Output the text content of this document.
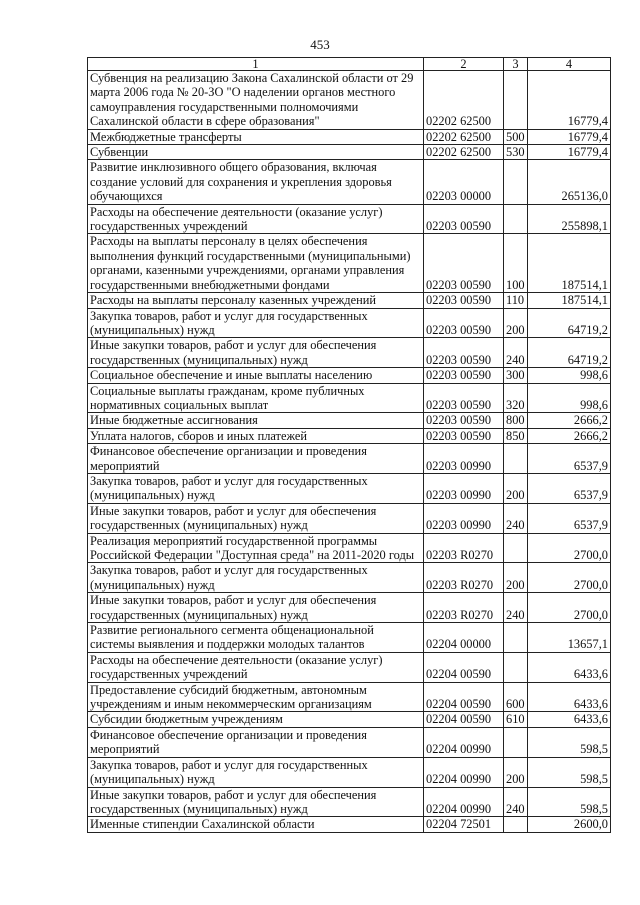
453
1	2	3	4
Субвенция на реализацию Закона Сахалинской области от 29 марта 2006 года № 20-ЗО "О наделении органов местного самоуправления государственными полномочиями Сахалинской области в сфере образования"	02202 62500		16779,4
Межбюджетные трансферты	02202 62500	500	16779,4
Субвенции	02202 62500	530	16779,4
Развитие инклюзивного общего образования, включая создание условий для сохранения и укрепления здоровья обучающихся	02203 00000		265136,0
Расходы на обеспечение деятельности (оказание услуг) государственных учреждений	02203 00590		255898,1
Расходы на выплаты персоналу в целях обеспечения выполнения функций государственными (муниципальными) органами, казенными учреждениями, органами управления государственными внебюджетными фондами	02203 00590	100	187514,1
Расходы на выплаты персоналу казенных учреждений	02203 00590	110	187514,1
Закупка товаров, работ и услуг для государственных (муниципальных) нужд	02203 00590	200	64719,2
Иные закупки товаров, работ и услуг для обеспечения государственных (муниципальных) нужд	02203 00590	240	64719,2
Социальное обеспечение и иные выплаты населению	02203 00590	300	998,6
Социальные выплаты гражданам, кроме публичных нормативных социальных выплат	02203 00590	320	998,6
Иные бюджетные ассигнования	02203 00590	800	2666,2
Уплата налогов, сборов и иных платежей	02203 00590	850	2666,2
Финансовое обеспечение организации и проведения мероприятий	02203 00990		6537,9
Закупка товаров, работ и услуг для государственных (муниципальных) нужд	02203 00990	200	6537,9
Иные закупки товаров, работ и услуг для обеспечения государственных (муниципальных) нужд	02203 00990	240	6537,9
Реализация мероприятий государственной программы Российской Федерации "Доступная среда" на 2011-2020 годы	02203 R0270		2700,0
Закупка товаров, работ и услуг для государственных (муниципальных) нужд	02203 R0270	200	2700,0
Иные закупки товаров, работ и услуг для обеспечения государственных (муниципальных) нужд	02203 R0270	240	2700,0
Развитие регионального сегмента общенациональной системы выявления и поддержки молодых талантов	02204 00000		13657,1
Расходы на обеспечение деятельности (оказание услуг) государственных учреждений	02204 00590		6433,6
Предоставление субсидий бюджетным, автономным учреждениям и иным некоммерческим организациям	02204 00590	600	6433,6
Субсидии бюджетным учреждениям	02204 00590	610	6433,6
Финансовое обеспечение организации и проведения мероприятий	02204 00990		598,5
Закупка товаров, работ и услуг для государственных (муниципальных) нужд	02204 00990	200	598,5
Иные закупки товаров, работ и услуг для обеспечения государственных (муниципальных) нужд	02204 00990	240	598,5
Именные стипендии Сахалинской области	02204 72501		2600,0
